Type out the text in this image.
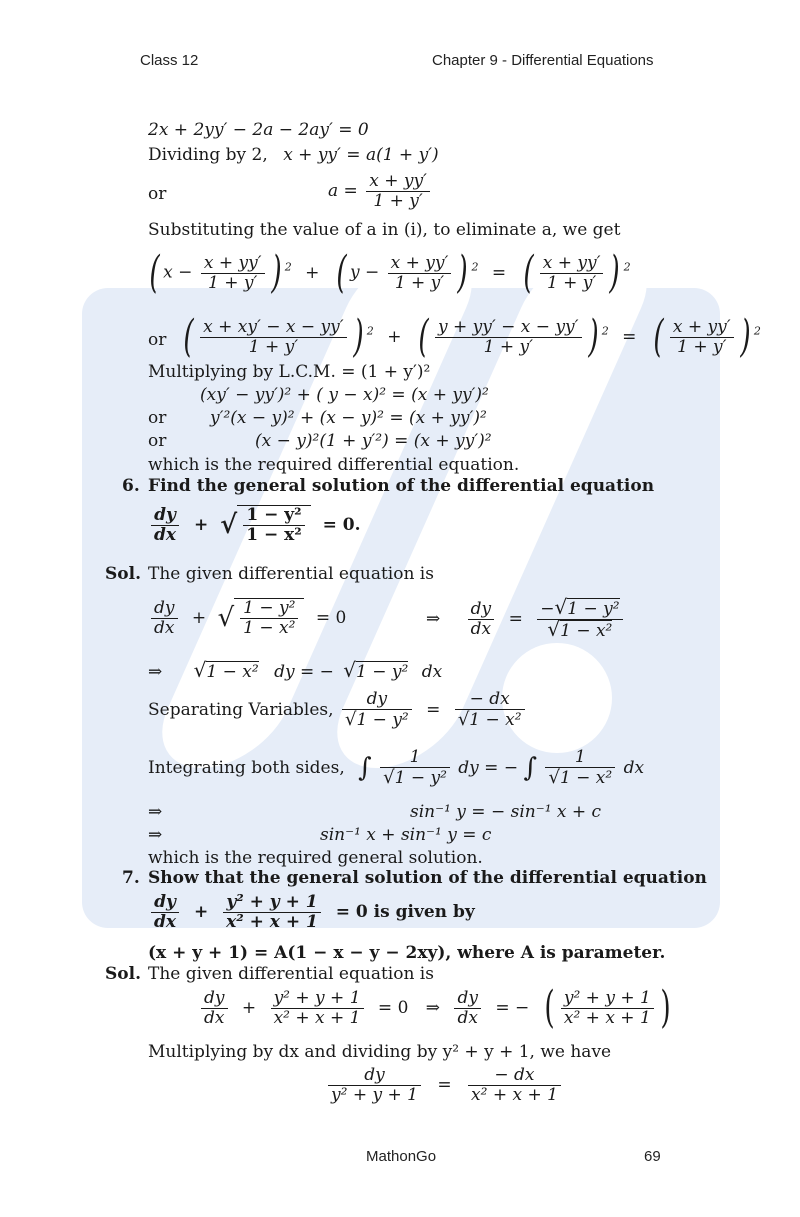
Class 12	Chapter 9 - Differential Equations
2x + 2yy′ − 2a − 2ay′ = 0
Dividing by 2, x + yy′ = a(1 + y′)
or	$a = \frac{x + yy'}{1 + y'}$
Substituting the value of a in (i), to eliminate a, we get
( $x - \frac{x + yy'}{1 + y'}$ ) $^2$ + ( $y - \frac{x + yy'}{1 + y'}$ ) $^2$ = ( $\frac{x + yy'}{1 + y'}$ ) $^2$
or ( $\frac{x + xy' - x - yy'}{1 + y'}$ ) $^2$ + ( $\frac{y + yy' - x - yy'}{1 + y'}$ ) $^2$ = ( $\frac{x + yy'}{1 + y'}$ ) $^2$
Multiplying by L.C.M. = (1 + y′)²
(xy′ − yy′)² + ( y − x)² = (x + yy′)²
or	y′²(x − y)² + (x − y)² = (x + yy′)²
or	(x − y)²(1 + y′²) = (x + yy′)²
which is the required differential equation.
6. Find the general solution of the differential equation
$\frac{dy}{dx}$ + √ $\frac{\text{1 − y²}}{\text{1 − x²}} = 0$.
Sol. The given differential equation is
$\frac{dy}{dx}$ + √ $\frac{\text{1 − y²}}{\text{1 − x²}} = 0$	⇒ $\frac{dy}{dx} = \frac{\text{−√1 − y²}}{\text{√1 − x²}}$
⇒ √1 − x² dy = − √1 − y² dx
Separating Variables, $\frac{dy}{\text{√1 − y²}} = \frac{- dx}{\text{√1 − x²}}$
Integrating both sides, ∫ $\frac{1}{\text{√1 − y²}}$ dy = − ∫ $\frac{1}{\text{√1 − x²}}$ dx
⇒	sin⁻¹ y = − sin⁻¹ x + c
⇒	sin⁻¹ x + sin⁻¹ y = c
which is the required general solution.
7. Show that the general solution of the differential equation
$\frac{dy}{dx} + \frac{\text{y² + y + 1}}{\text{x² + x + 1}} = 0$ is given by
(x + y + 1) = A(1 − x − y − 2xy), where A is parameter.
Sol. The given differential equation is
$\frac{dy}{dx} + \frac{\text{y² + y + 1}}{\text{x² + x + 1}} = 0$ ⇒ $\frac{dy}{dx}$ = − ( $\frac{\text{y² + y + 1}}{\text{x² + x + 1}}$ )
Multiplying by dx and dividing by y² + y + 1, we have
$\frac{dy}{\text{y² + y + 1}} = \frac{- dx}{\text{x² + x + 1}}$
MathonGo	69
